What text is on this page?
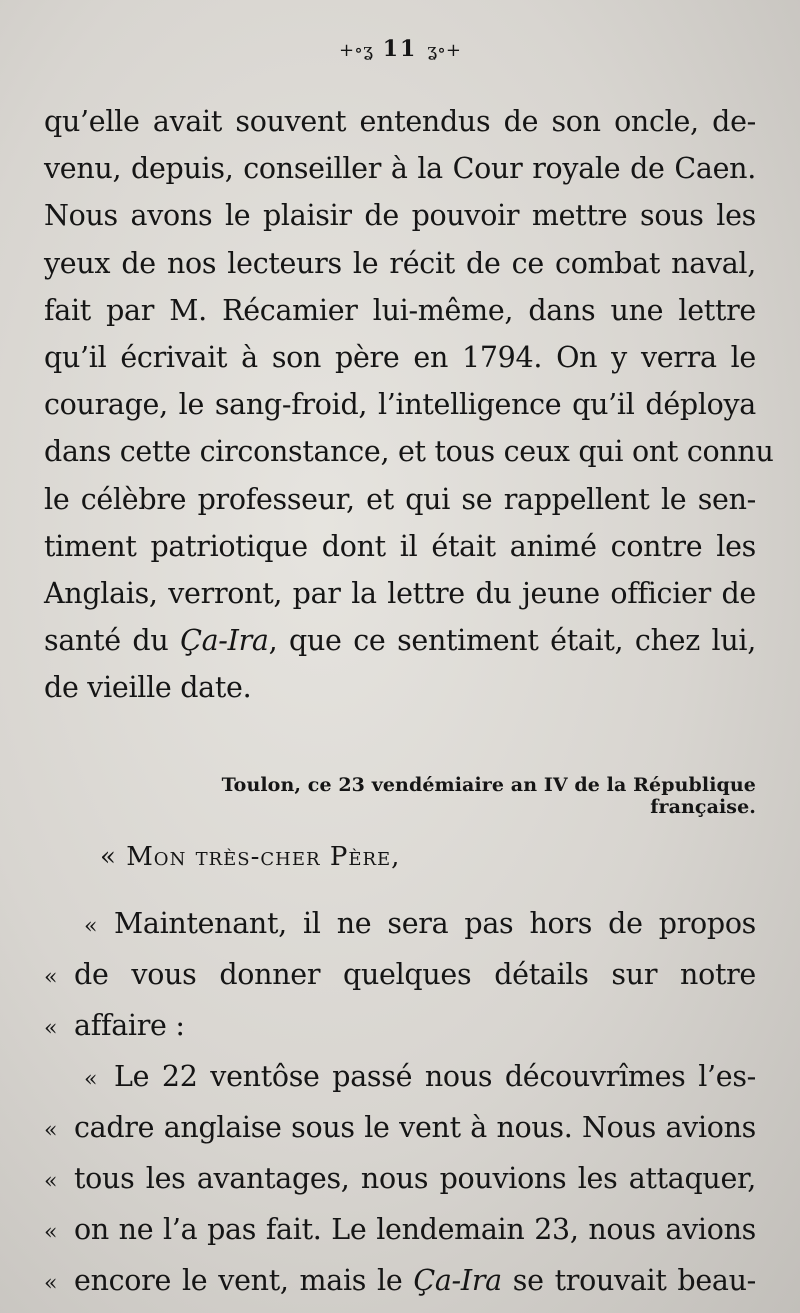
+∘ʓ 11 ʓ∘+
qu’elle avait souvent entendus de son oncle, de-
venu, depuis, conseiller à la Cour royale de Caen.
Nous avons le plaisir de pouvoir mettre sous les
yeux de nos lecteurs le récit de ce combat naval,
fait par M. Récamier lui-même, dans une lettre
qu’il écrivait à son père en 1794. On y verra le
courage, le sang-froid, l’intelligence qu’il déploya
dans cette circonstance, et tous ceux qui ont connu
le célèbre professeur, et qui se rappellent le sen-
timent patriotique dont il était animé contre les
Anglais, verront, par la lettre du jeune officier de
santé du Ça-Ira, que ce sentiment était, chez lui,
de vieille date.
Toulon, ce 23 vendémiaire an IV de la République française.
« Mon très-cher Père,
« Maintenant, il ne sera pas hors de propos
« de vous donner quelques détails sur notre
« affaire :
« Le 22 ventôse passé nous découvrîmes l’es-
« cadre anglaise sous le vent à nous. Nous avions
« tous les avantages, nous pouvions les attaquer,
« on ne l’a pas fait. Le lendemain 23, nous avions
« encore le vent, mais le Ça-Ira se trouvait beau-
